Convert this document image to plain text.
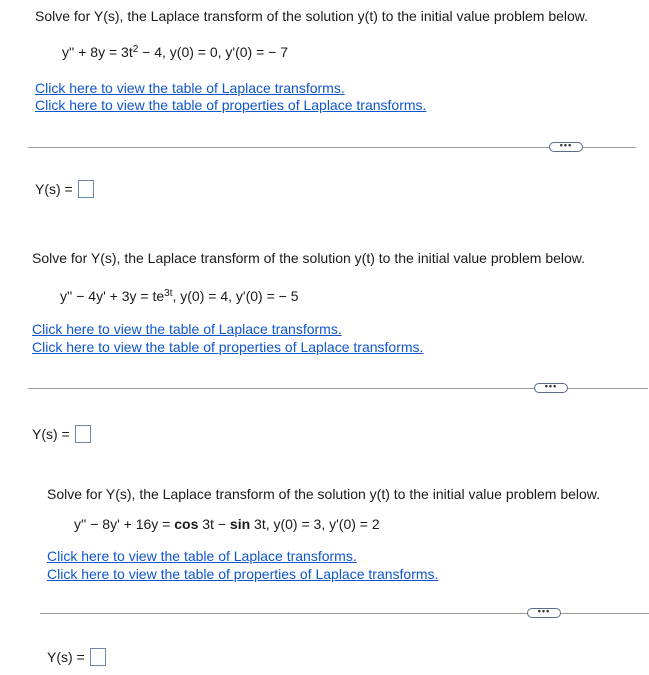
Solve for Y(s), the Laplace transform of the solution y(t) to the initial value problem below.

$y'' + 8y = 3t^2 - 4$, y(0) = 0, y'(0) = − 7
Click here to view the table of Laplace transforms.
Click here to view the table of properties of Laplace transforms.
•••
Y(s) =

Solve for Y(s), the Laplace transform of the solution y(t) to the initial value problem below.

$y'' - 4y' + 3y = te^{3t}$, y(0) = 4, y'(0) = − 5
Click here to view the table of Laplace transforms.
Click here to view the table of properties of Laplace transforms.
•••
Y(s) =

Solve for Y(s), the Laplace transform of the solution y(t) to the initial value problem below.

y'' − 8y' + 16y = cos 3t − sin 3t, y(0) = 3, y'(0) = 2
Click here to view the table of Laplace transforms.
Click here to view the table of properties of Laplace transforms.
•••
Y(s) =
